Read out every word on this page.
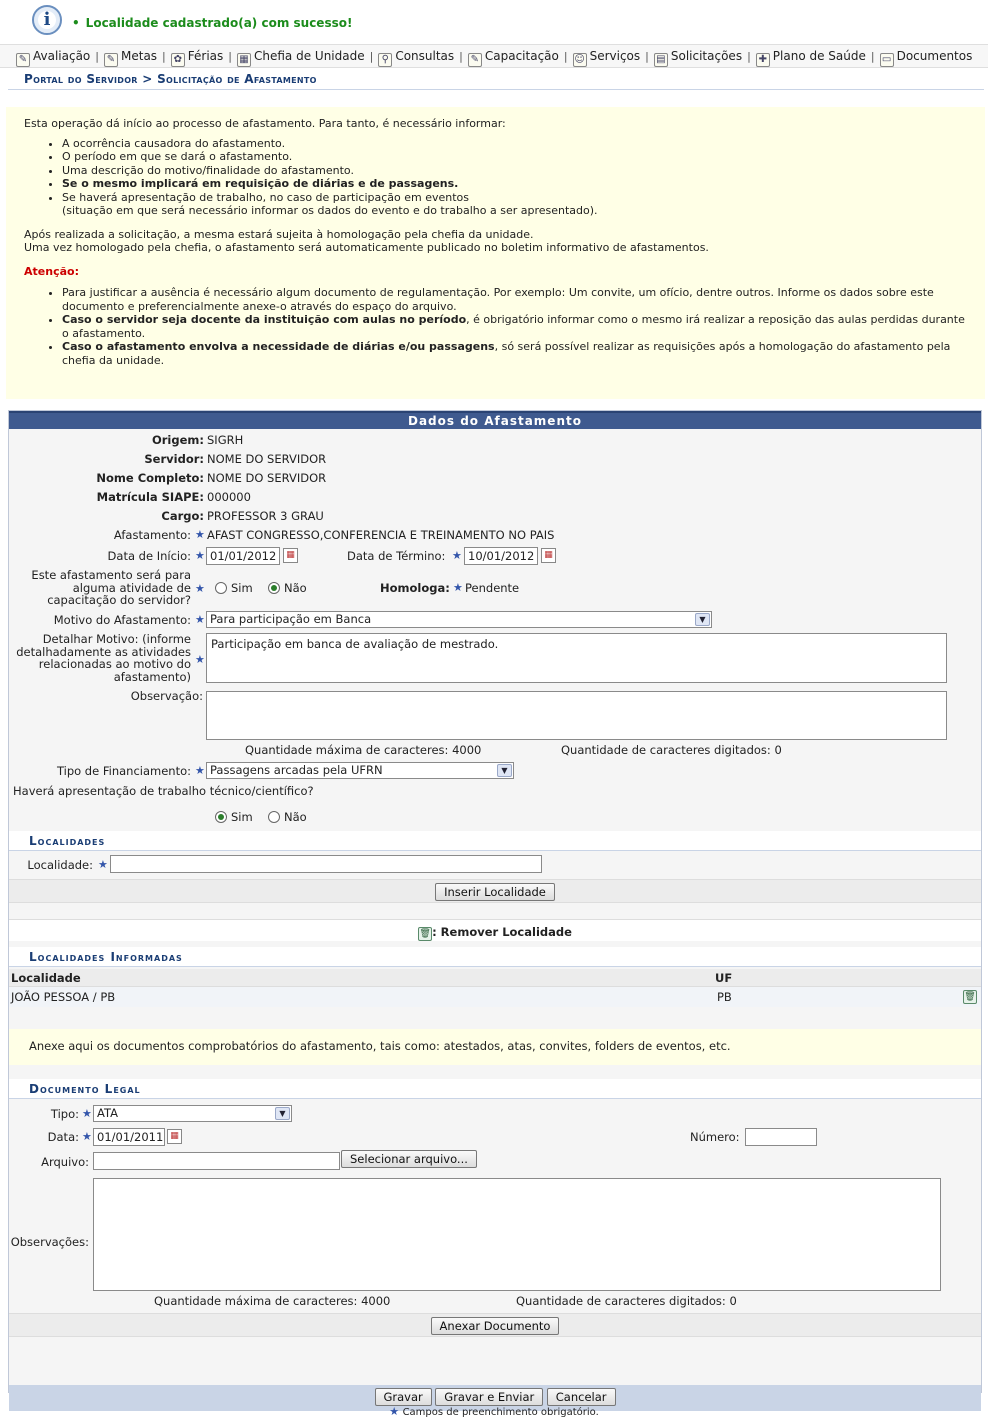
i
•	Localidade cadastrado(a) com sucesso!
✎ Avaliação | ✎ Metas | ✿ Férias | ▦ Chefia de Unidade | ⚲ Consultas | ✎ Capacitação | ☺ Serviços | ▤ Solicitações | ✚ Plano de Saúde | ▭ Documentos
Portal do Servidor > Solicitação de Afastamento
Esta operação dá início ao processo de afastamento. Para tanto, é necessário informar:
• A ocorrência causadora do afastamento.
• O período em que se dará o afastamento.
• Uma descrição do motivo/finalidade do afastamento.
• Se o mesmo implicará em requisição de diárias e de passagens.
• Se haverá apresentação de trabalho, no caso de participação em eventos
(situação em que será necessário informar os dados do evento e do trabalho a ser apresentado).
Após realizada a solicitação, a mesma estará sujeita à homologação pela chefia da unidade.
Uma vez homologado pela chefia, o afastamento será automaticamente publicado no boletim informativo de afastamentos.
Atenção:
• Para justificar a ausência é necessário algum documento de regulamentação. Por exemplo: Um convite, um ofício, dentre outros. Informe os dados sobre este documento e preferencialmente anexe-o através do espaço do arquivo.
• Caso o servidor seja docente da instituição com aulas no período, é obrigatório informar como o mesmo irá realizar a reposição das aulas perdidas durante o afastamento.
• Caso o afastamento envolva a necessidade de diárias e/ou passagens, só será possível realizar as requisições após a homologação do afastamento pela chefia da unidade.
Dados do Afastamento
Origem: SIGRH
Servidor: NOME DO SERVIDOR
Nome Completo: NOME DO SERVIDOR
Matrícula SIAPE: 000000
Cargo: PROFESSOR 3 GRAU
Afastamento: ★ AFAST CONGRESSO,CONFERENCIA E TREINAMENTO NO PAIS
Data de Início: ★ 01/01/2012	▦	Data de Término: ★ 10/01/2012	▦
Este afastamento será para alguma atividade de capacitação do servidor?
★	Sim	Não	Homologa: ★ Pendente
Motivo do Afastamento: ★ Para participação em Banca	▼
Detalhar Motivo: (informe detalhadamente as atividades relacionadas ao motivo do afastamento)
★
Participação em banca de avaliação de mestrado.
Observação:
Quantidade máxima de caracteres: 4000	Quantidade de caracteres digitados: 0
Tipo de Financiamento: ★ Passagens arcadas pela UFRN	▼
Haverá apresentação de trabalho técnico/científico?
Sim	Não
Localidades
Localidade: ★
Inserir Localidade
🗑: Remover Localidade
Localidades Informadas
Localidade	UF
JOÃO PESSOA / PB	PB	🗑
Anexe aqui os documentos comprobatórios do afastamento, tais como: atestados, atas, convites, folders de eventos, etc.
Documento Legal
Tipo: ★ ATA	▼
Data: ★ 01/01/2011 ▦	Número:
Arquivo:	Selecionar arquivo...
Observações:
Quantidade máxima de caracteres: 4000	Quantidade de caracteres digitados: 0
Anexar Documento
Gravar Gravar e Enviar Cancelar
★ Campos de preenchimento obrigatório.
